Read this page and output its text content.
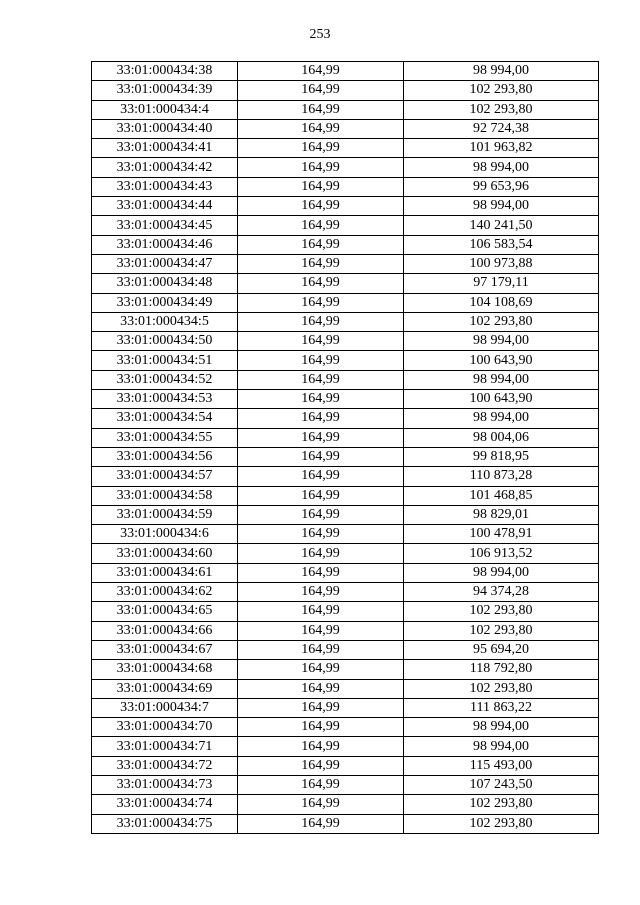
253
33:01:000434:38	164,99	98 994,00
33:01:000434:39	164,99	102 293,80
33:01:000434:4	164,99	102 293,80
33:01:000434:40	164,99	92 724,38
33:01:000434:41	164,99	101 963,82
33:01:000434:42	164,99	98 994,00
33:01:000434:43	164,99	99 653,96
33:01:000434:44	164,99	98 994,00
33:01:000434:45	164,99	140 241,50
33:01:000434:46	164,99	106 583,54
33:01:000434:47	164,99	100 973,88
33:01:000434:48	164,99	97 179,11
33:01:000434:49	164,99	104 108,69
33:01:000434:5	164,99	102 293,80
33:01:000434:50	164,99	98 994,00
33:01:000434:51	164,99	100 643,90
33:01:000434:52	164,99	98 994,00
33:01:000434:53	164,99	100 643,90
33:01:000434:54	164,99	98 994,00
33:01:000434:55	164,99	98 004,06
33:01:000434:56	164,99	99 818,95
33:01:000434:57	164,99	110 873,28
33:01:000434:58	164,99	101 468,85
33:01:000434:59	164,99	98 829,01
33:01:000434:6	164,99	100 478,91
33:01:000434:60	164,99	106 913,52
33:01:000434:61	164,99	98 994,00
33:01:000434:62	164,99	94 374,28
33:01:000434:65	164,99	102 293,80
33:01:000434:66	164,99	102 293,80
33:01:000434:67	164,99	95 694,20
33:01:000434:68	164,99	118 792,80
33:01:000434:69	164,99	102 293,80
33:01:000434:7	164,99	111 863,22
33:01:000434:70	164,99	98 994,00
33:01:000434:71	164,99	98 994,00
33:01:000434:72	164,99	115 493,00
33:01:000434:73	164,99	107 243,50
33:01:000434:74	164,99	102 293,80
33:01:000434:75	164,99	102 293,80
